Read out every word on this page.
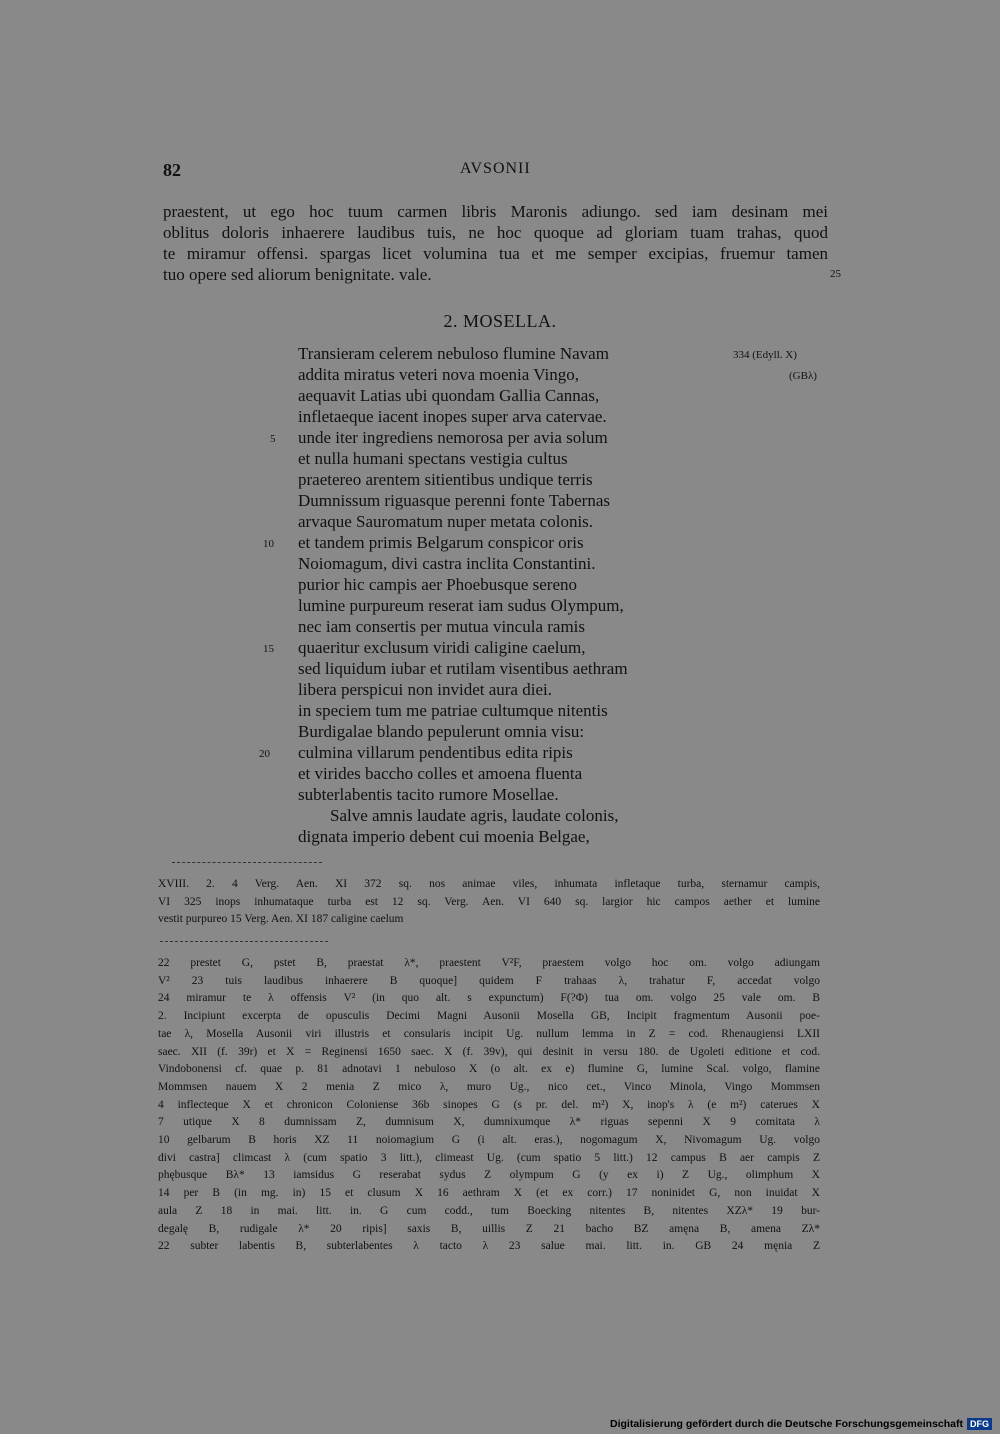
82	AVSONII
praestent, ut ego hoc tuum carmen libris Maronis adiungo. sed iam desinam mei
oblitus doloris inhaerere laudibus tuis, ne hoc quoque ad gloriam tuam trahas, quod
te miramur offensi. spargas licet volumina tua et me semper excipias, fruemur tamen
tuo opere sed aliorum benignitate. vale.	25
2. MOSELLA.
Transieram celerem nebuloso flumine Navam
addita miratus veteri nova moenia Vingo,
aequavit Latias ubi quondam Gallia Cannas,
infletaeque iacent inopes super arva catervae.
unde iter ingrediens nemorosa per avia solum
et nulla humani spectans vestigia cultus
praetereo arentem sitientibus undique terris
Dumnissum riguasque perenni fonte Tabernas
arvaque Sauromatum nuper metata colonis.
et tandem primis Belgarum conspicor oris
Noiomagum, divi castra inclita Constantini.
purior hic campis aer Phoebusque sereno
lumine purpureum reserat iam sudus Olympum,
nec iam consertis per mutua vincula ramis
quaeritur exclusum viridi caligine caelum,
sed liquidum iubar et rutilam visentibus aethram
libera perspicui non invidet aura diei.
in speciem tum me patriae cultumque nitentis
Burdigalae blando pepulerunt omnia visu:
culmina villarum pendentibus edita ripis
et virides baccho colles et amoena fluenta
subterlabentis tacito rumore Mosellae.
Salve amnis laudate agris, laudate colonis,
dignata imperio debent cui moenia Belgae,
5
10
15
20
334 (Edyll. X)
(GBλ)
XVIII. 2. 4 Verg. Aen. XI 372 sq. nos animae viles, inhumata infletaque turba, sternamur campis,
VI 325 inops inhumataque turba est 12 sq. Verg. Aen. VI 640 sq. largior hic campos aether et lumine
vestit purpureo 15 Verg. Aen. XI 187 caligine caelum
22 prestet G, pstet B, praestat λ*, praestent V²F, praestem volgo hoc om. volgo adiungam
V² 23 tuis laudibus inhaerere B quoque] quidem F trahaas λ, trahatur F, accedat volgo
24 miramur te λ offensis V² (in quo alt. s expunctum) F(?Φ) tua om. volgo 25 vale om. B
2. Incipiunt excerpta de opusculis Decimi Magni Ausonii Mosella GB, Incipit fragmentum Ausonii poe-
tae λ, Mosella Ausonii viri illustris et consularis incipit Ug. nullum lemma in Z = cod. Rhenaugiensi LXII
saec. XII (f. 39r) et X = Reginensi 1650 saec. X (f. 39v), qui desinit in versu 180. de Ugoleti editione et cod.
Vindobonensi cf. quae p. 81 adnotavi 1 nebuloso X (o alt. ex e) flumine G, lumine Scal. volgo, flamine
Mommsen nauem X 2 menia Z mico λ, muro Ug., nico cet., Vinco Minola, Vingo Mommsen
4 inflecteque X et chronicon Coloniense 36b sinopes G (s pr. del. m²) X, inop's λ (e m²) caterues X
7 utique X 8 dumnissam Z, dumnisum X, dumnixumque λ* riguas sepenni X 9 comitata λ
10 gelbarum B horis XZ 11 noiomagium G (i alt. eras.), nogomagum X, Nivomagum Ug. volgo
divi castra] climcast λ (cum spatio 3 litt.), climeast Ug. (cum spatio 5 litt.) 12 campus B aer campis Z
phębusque Bλ* 13 iamsidus G reserabat sydus Z olympum G (y ex i) Z Ug., olimphum X
14 per B (in mg. in) 15 et clusum X 16 aethram X (et ex corr.) 17 noninidet G, non inuidat X
aula Z 18 in mai. litt. in. G cum codd., tum Boecking nitentes B, nitentes XZλ* 19 bur-
degalę B, rudigale λ* 20 ripis] saxis B, uillis Z 21 bacho BZ amęna B, amena Zλ*
22 subter labentis B, subterlabentes λ tacto λ 23 salue mai. litt. in. GB 24 męnia Z
Digitalisierung gefördert durch die Deutsche Forschungsgemeinschaft DFG
